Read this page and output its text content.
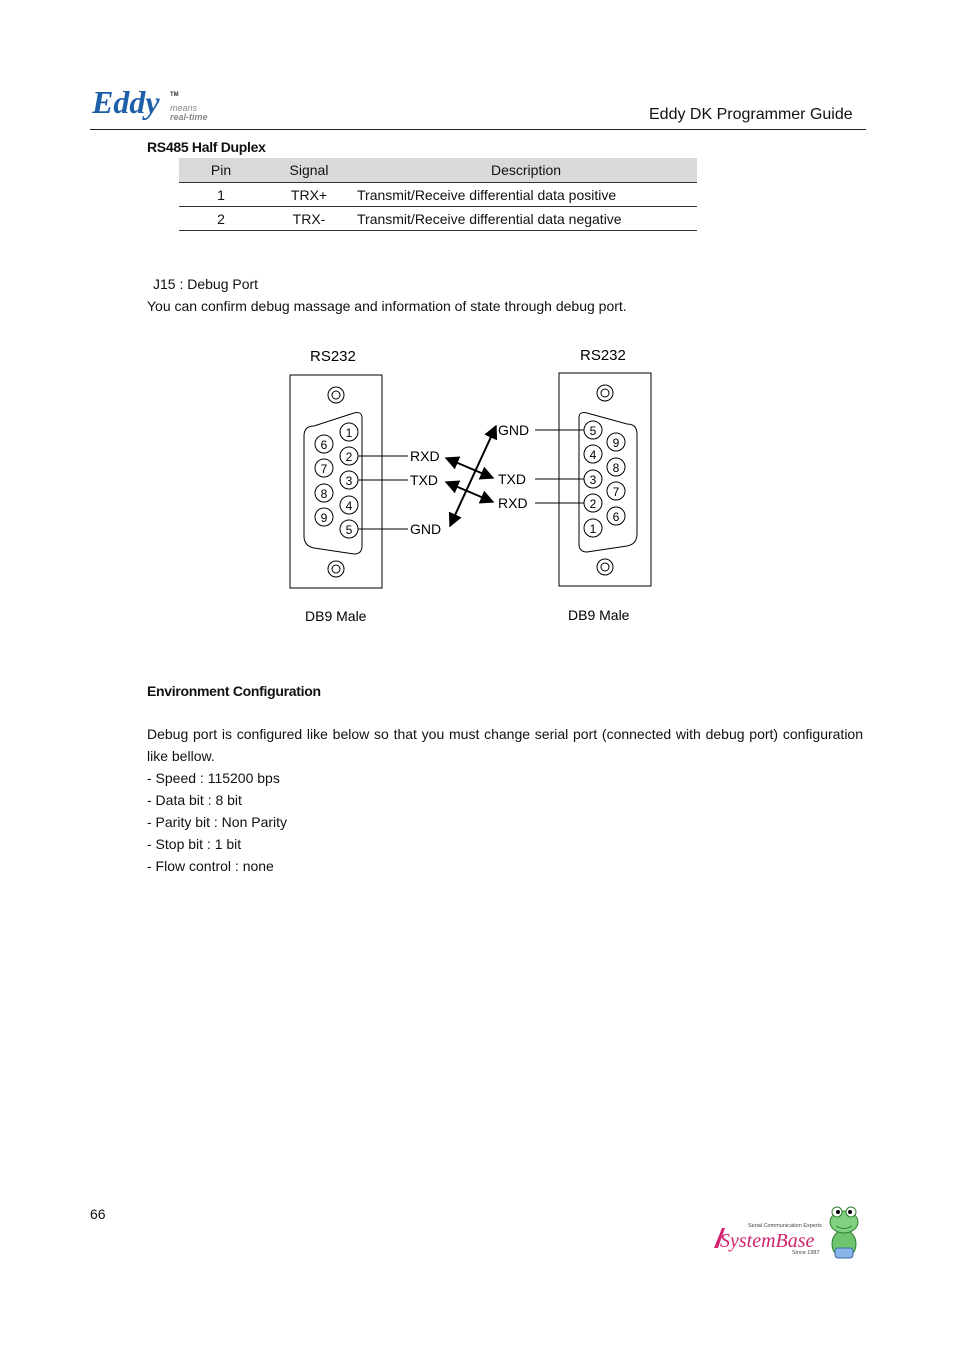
Eddy TM
means
real-time	Eddy DK Programmer Guide
RS485 Half Duplex
Pin	Signal	Description
1	TRX+	Transmit/Receive differential data positive
2	TRX-	Transmit/Receive differential data negative
J15 : Debug Port
You can confirm debug massage and information of state through debug port.
RS232
1
2
3
4
5
6
7
8
9
RXD
TXD
GND
RS232
5
4
3
2
1
9
8
7
6
GND
TXD
RXD
DB9 Male	DB9 Male
Environment Configuration
Debug port is configured like below so that you must change serial port (connected with debug port) configuration like bellow.
- Speed : 115200 bps
- Data bit : 8 bit
- Parity bit : Non Parity
- Stop bit : 1 bit
- Flow control : none
66
Serial Communication Experts
SystemBase
Since 1987
